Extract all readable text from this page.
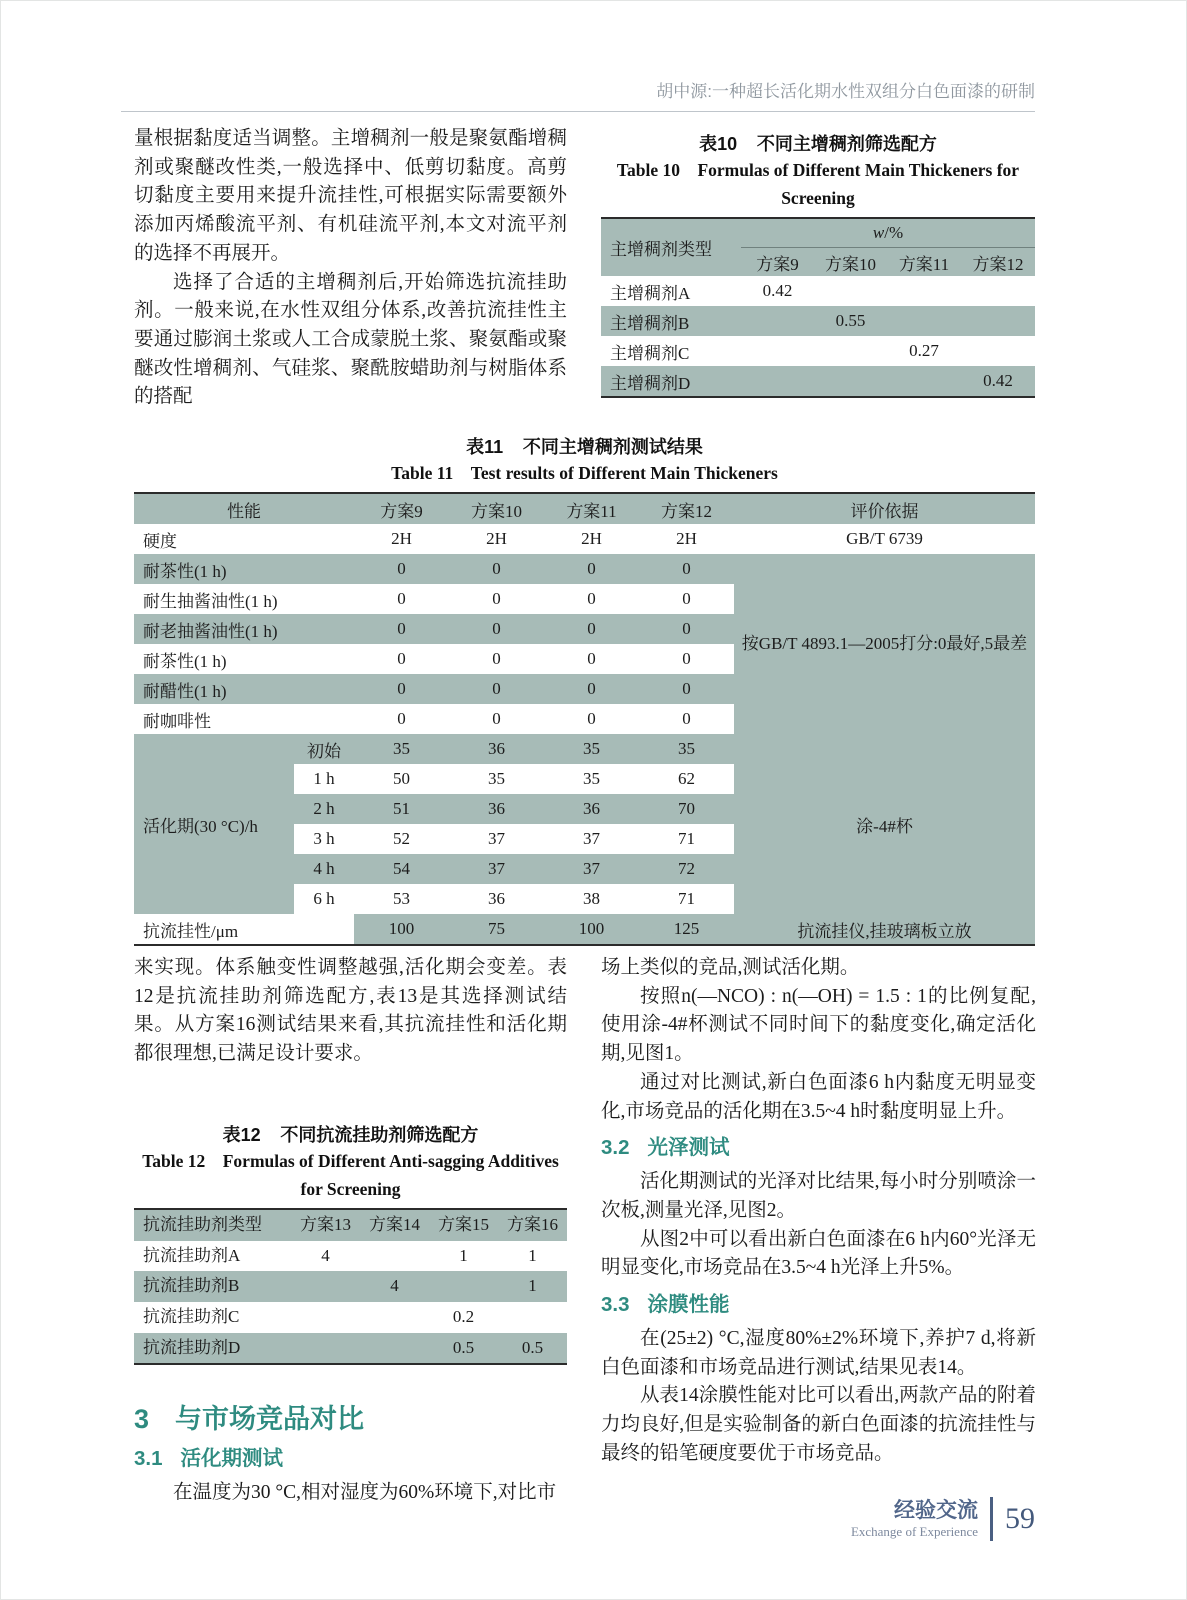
胡中源:一种超长活化期水性双组分白色面漆的研制

量根据黏度适当调整。主增稠剂一般是聚氨酯增稠剂或聚醚改性类,一般选择中、低剪切黏度。高剪切黏度主要用来提升流挂性,可根据实际需要额外添加丙烯酸流平剂、有机硅流平剂,本文对流平剂的选择不再展开。

选择了合适的主增稠剂后,开始筛选抗流挂助剂。一般来说,在水性双组分体系,改善抗流挂性主要通过膨润土浆或人工合成蒙脱土浆、聚氨酯或聚醚改性增稠剂、气硅浆、聚酰胺蜡助剂与树脂体系的搭配

表10 不同主增稠剂筛选配方
Table 10　Formulas of Different Main Thickeners for Screening
主增稠剂类型	w/%			
	方案9	方案10	方案11	方案12
主增稠剂A	0.42			
主增稠剂B		0.55		
主增稠剂C			0.27	
主增稠剂D				0.42
表11 不同主增稠剂测试结果
Table 11　Test results of Different Main Thickeners
性能		方案9	方案10	方案11	方案12	评价依据
硬度		2H	2H	2H	2H	GB/T 6739
耐茶性(1 h)		0	0	0	0	按GB/T 4893.1—2005打分:0最好,5最差
耐生抽酱油性(1 h)		0	0	0	0	
耐老抽酱油性(1 h)		0	0	0	0	
耐茶性(1 h)		0	0	0	0	
耐醋性(1 h)		0	0	0	0	
耐咖啡性		0	0	0	0	
活化期(30 °C)/h	初始	35	36	35	35	涂-4#杯
	1 h	50	35	35	62	
	2 h	51	36	36	70	
	3 h	52	37	37	71	
	4 h	54	37	37	72	
	6 h	53	36	38	71	
抗流挂性/μm		100	75	100	125	抗流挂仪,挂玻璃板立放

来实现。体系触变性调整越强,活化期会变差。表12是抗流挂助剂筛选配方,表13是其选择测试结果。从方案16测试结果来看,其抗流挂性和活化期都很理想,已满足设计要求。

表12 不同抗流挂助剂筛选配方
Table 12　Formulas of Different Anti-sagging Additives for Screening
抗流挂助剂类型	方案13	方案14	方案15	方案16
抗流挂助剂A	4		1	1
抗流挂助剂B		4		1
抗流挂助剂C			0.2	
抗流挂助剂D			0.5	0.5
3 与市场竞品对比
3.1 活化期测试

在温度为30 °C,相对湿度为60%环境下,对比市

场上类似的竞品,测试活化期。

按照n(—NCO) : n(—OH) = 1.5 : 1的比例复配,使用涂-4#杯测试不同时间下的黏度变化,确定活化期,见图1。

通过对比测试,新白色面漆6 h内黏度无明显变化,市场竞品的活化期在3.5~4 h时黏度明显上升。

3.2 光泽测试

活化期测试的光泽对比结果,每小时分别喷涂一次板,测量光泽,见图2。

从图2中可以看出新白色面漆在6 h内60°光泽无明显变化,市场竞品在3.5~4 h光泽上升5%。

3.3 涂膜性能

在(25±2) °C,湿度80%±2%环境下,养护7 d,将新白色面漆和市场竞品进行测试,结果见表14。

从表14涂膜性能对比可以看出,两款产品的附着力均良好,但是实验制备的新白色面漆的抗流挂性与最终的铅笔硬度要优于市场竞品。

经验交流
Exchange of Experience 59
